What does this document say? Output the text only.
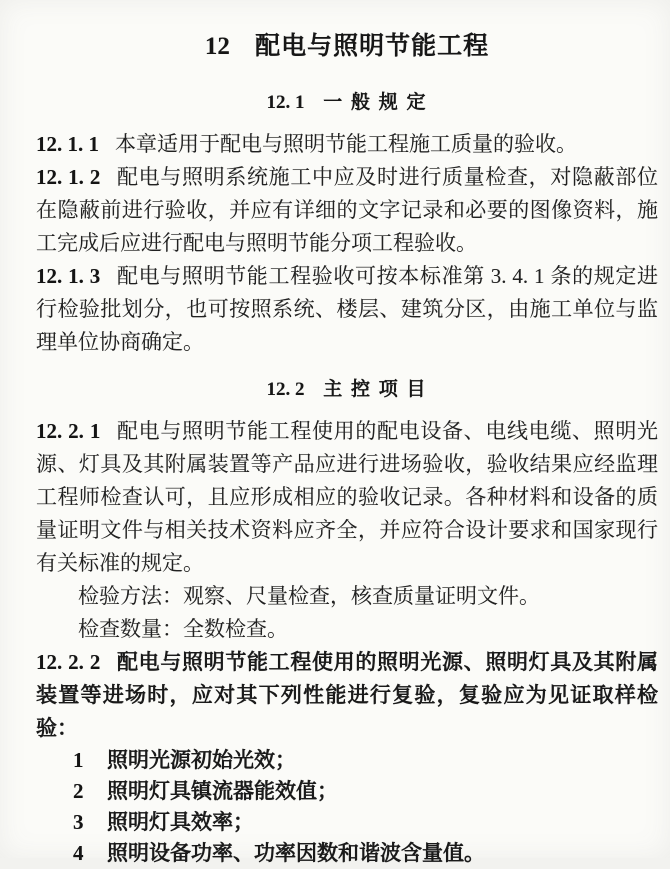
12 配电与照明节能工程
12. 1 一 般 规 定

12. 1. 1 本章适用于配电与照明节能工程施工质量的验收。

12. 1. 2 配电与照明系统施工中应及时进行质量检查，对隐蔽部位在隐蔽前进行验收，并应有详细的文字记录和必要的图像资料，施工完成后应进行配电与照明节能分项工程验收。

12. 1. 3 配电与照明节能工程验收可按本标准第 3. 4. 1 条的规定进行检验批划分，也可按照系统、楼层、建筑分区，由施工单位与监理单位协商确定。

12. 2 主 控 项 目

12. 2. 1 配电与照明节能工程使用的配电设备、电线电缆、照明光源、灯具及其附属装置等产品应进行进场验收，验收结果应经监理工程师检查认可，且应形成相应的验收记录。各种材料和设备的质量证明文件与相关技术资料应齐全，并应符合设计要求和国家现行有关标准的规定。

检验方法：观察、尺量检查，核查质量证明文件。

检查数量：全数检查。

12. 2. 2 配电与照明节能工程使用的照明光源、照明灯具及其附属装置等进场时，应对其下列性能进行复验，复验应为见证取样检验：

1	照明光源初始光效；
2	照明灯具镇流器能效值；
3	照明灯具效率；
4	照明设备功率、功率因数和谐波含量值。
